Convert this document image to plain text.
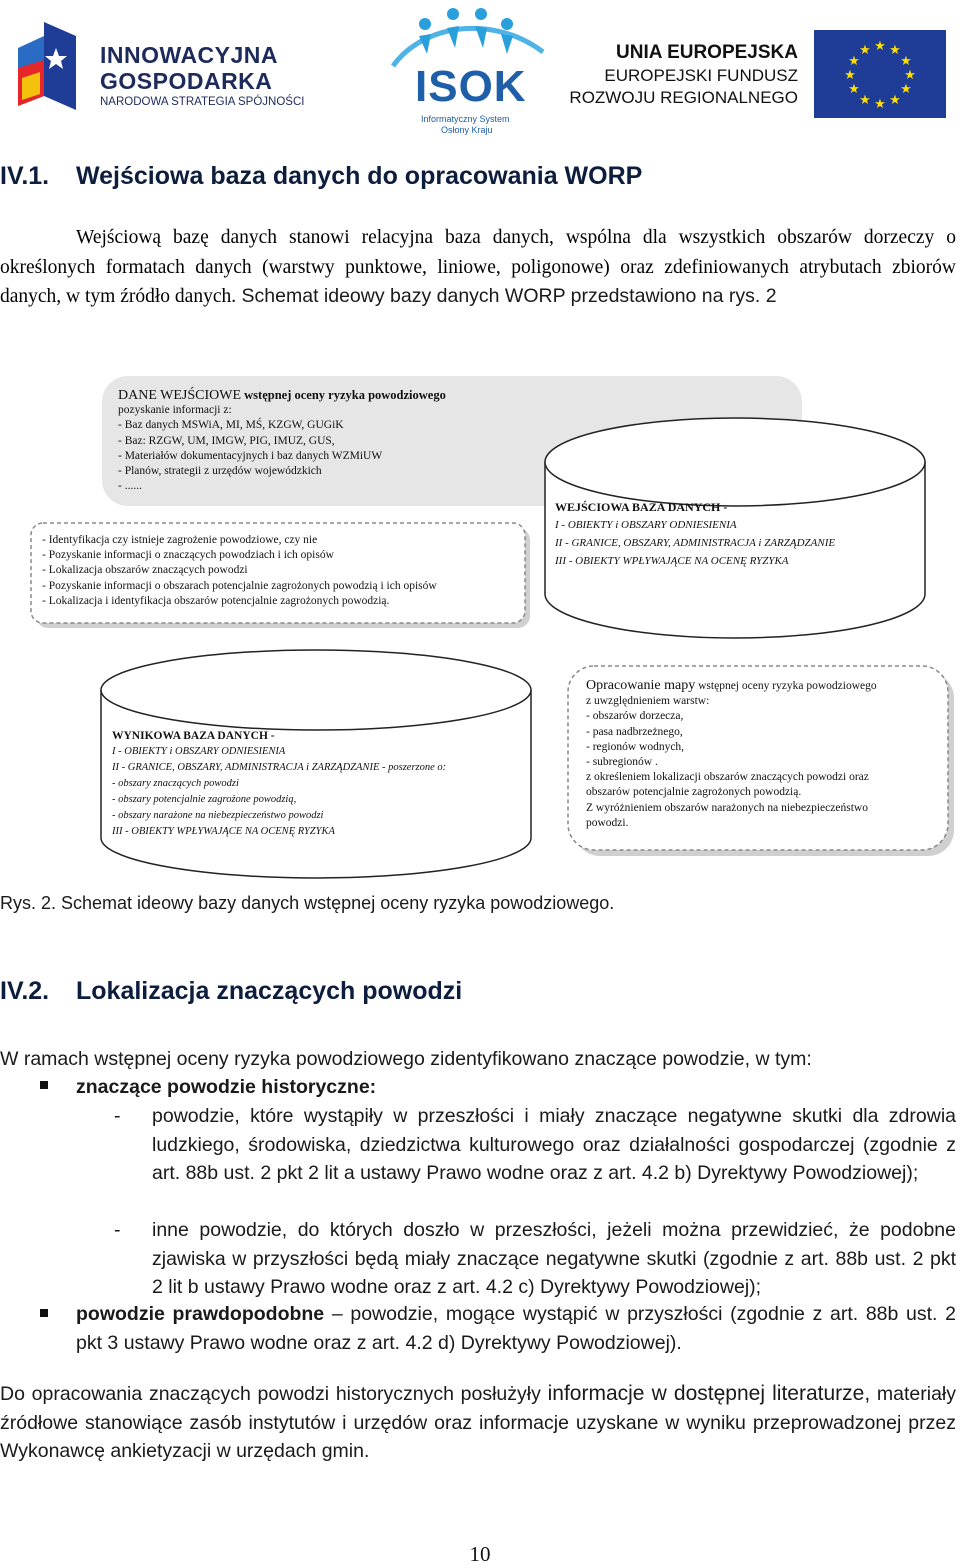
INNOWACYJNA
GOSPODARKA
NARODOWA STRATEGIA SPÓJNOŚCI	ISOK
Informatyczny System
Osłony Kraju
UNIA EUROPEJSKA
EUROPEJSKI FUNDUSZ
ROZWOJU REGIONALNEGO
★ ★
★
★
★
★
★
★
★
★
★
★
IV.1. Wejściowa baza danych do opracowania WORP
Wejściową bazę danych stanowi relacyjna baza danych, wspólna dla wszystkich obszarów dorzeczy o określonych formatach danych (warstwy punktowe, liniowe, poligonowe) oraz zdefiniowanych atrybutach zbiorów danych, w tym źródło danych. Schemat ideowy bazy danych WORP przedstawiono na rys. 2
DANE WEJŚCIOWE wstępnej oceny ryzyka powodziowego
pozyskanie informacji z:
- Baz danych MSWiA, MI, MŚ, KZGW, GUGiK
- Baz: RZGW, UM, IMGW, PIG, IMUZ, GUS,
- Materiałów dokumentacyjnych i baz danych WZMiUW
- Planów, strategii z urzędów wojewódzkich
- ......
- Identyfikacja czy istnieje zagrożenie powodziowe, czy nie
- Pozyskanie informacji o znaczących powodziach i ich opisów
- Lokalizacja obszarów znaczących powodzi
- Pozyskanie informacji o obszarach potencjalnie zagrożonych powodzią i ich opisów
- Lokalizacja i identyfikacja obszarów potencjalnie zagrożonych powodzią.
WEJŚCIOWA BAZA DANYCH -
I - OBIEKTY i OBSZARY ODNIESIENIA
II - GRANICE, OBSZARY, ADMINISTRACJA i ZARZĄDZANIE
III - OBIEKTY WPŁYWAJĄCE NA OCENĘ RYZYKA
Opracowanie mapy wstępnej oceny ryzyka powodziowego
z uwzględnieniem warstw:
- obszarów dorzecza,
- pasa nadbrzeżnego,
- regionów wodnych,
- subregionów .
z określeniem lokalizacji obszarów znaczących powodzi oraz
obszarów potencjalnie zagrożonych powodzią.
Z wyróżnieniem obszarów narażonych na niebezpieczeństwo
powodzi.
WYNIKOWA BAZA DANYCH -
I - OBIEKTY i OBSZARY ODNIESIENIA
II - GRANICE, OBSZARY, ADMINISTRACJA i ZARZĄDZANIE - poszerzone o:
- obszary znaczących powodzi
- obszary potencjalnie zagrożone powodzią,
- obszary narażone na niebezpieczeństwo powodzi
III - OBIEKTY WPŁYWAJĄCE NA OCENĘ RYZYKA
Rys. 2. Schemat ideowy bazy danych wstępnej oceny ryzyka powodziowego.
IV.2. Lokalizacja znaczących powodzi
W ramach wstępnej oceny ryzyka powodziowego zidentyfikowano znaczące powodzie, w tym:
znaczące powodzie historyczne:
- powodzie, które wystąpiły w przeszłości i miały znaczące negatywne skutki dla zdrowia ludzkiego, środowiska, dziedzictwa kulturowego oraz działalności gospodarczej (zgodnie z art. 88b ust. 2 pkt 2 lit a ustawy Prawo wodne oraz z art. 4.2 b) Dyrektywy Powodziowej);
- inne powodzie, do których doszło w przeszłości, jeżeli można przewidzieć, że podobne zjawiska w przyszłości będą miały znaczące negatywne skutki (zgodnie z art. 88b ust. 2 pkt 2 lit b ustawy Prawo wodne oraz z art. 4.2 c) Dyrektywy Powodziowej);
powodzie prawdopodobne – powodzie, mogące wystąpić w przyszłości (zgodnie z art. 88b ust. 2 pkt 3 ustawy Prawo wodne oraz z art. 4.2 d) Dyrektywy Powodziowej).
Do opracowania znaczących powodzi historycznych posłużyły informacje w dostępnej literaturze, materiały źródłowe stanowiące zasób instytutów i urzędów oraz informacje uzyskane w wyniku przeprowadzonej przez Wykonawcę ankietyzacji w urzędach gmin.
10
